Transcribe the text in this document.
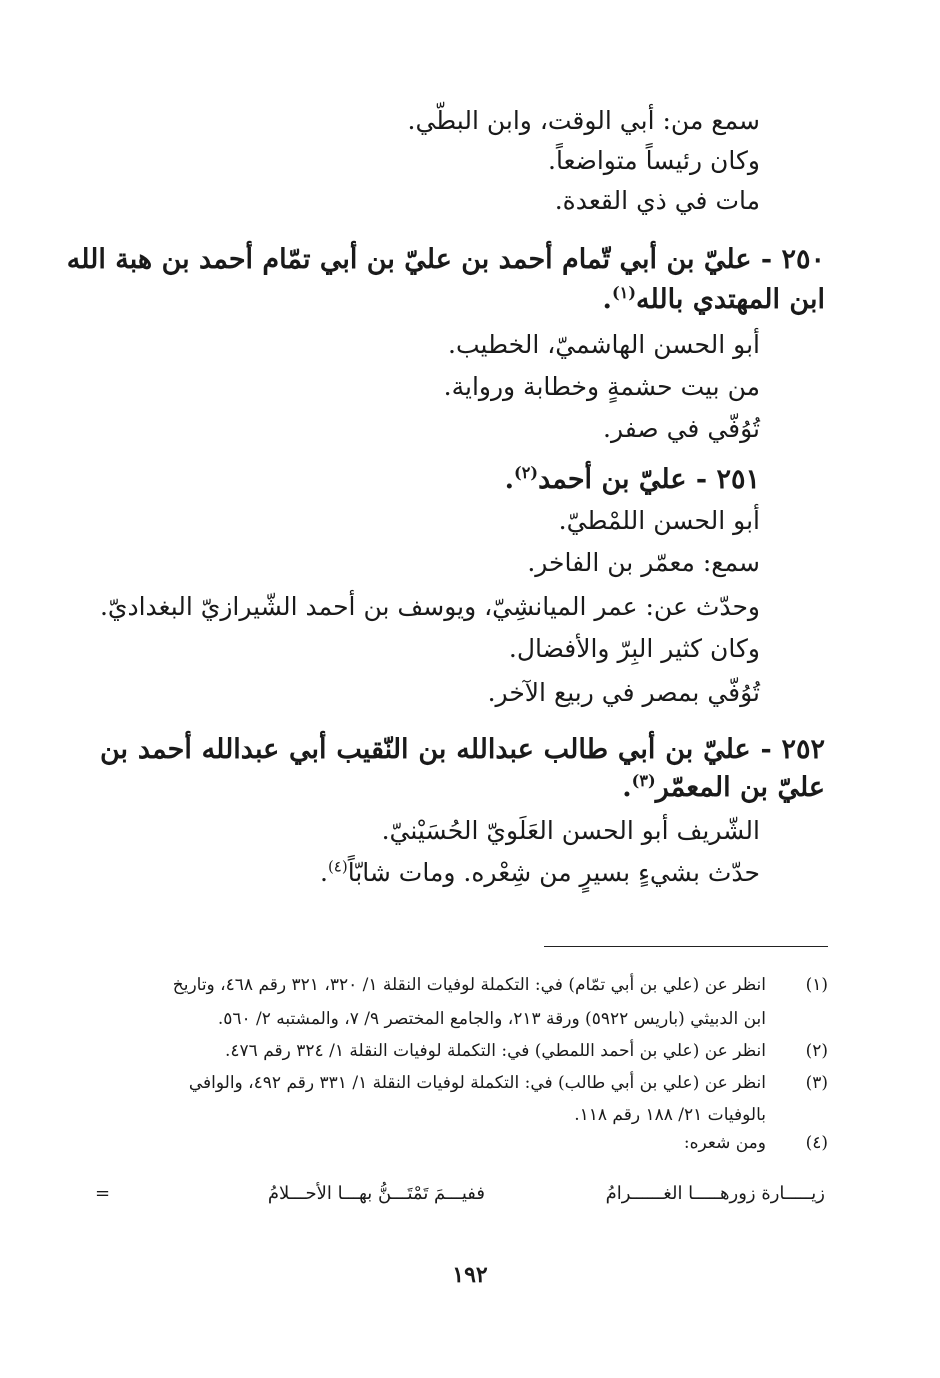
سمع من: أبي الوقت، وابن البطّي.
وكان رئيساً متواضعاً.
مات في ذي القعدة.
٢٥٠ - عليّ بن أبي تّمام أحمد بن عليّ بن أبي تمّام أحمد بن هبة الله
ابن المهتدي بالله$^{(١)}$.
أبو الحسن الهاشميّ، الخطيب.
من بيت حشمةٍ وخطابة ورواية.
تُوُفّي في صفر.
٢٥١ - عليّ بن أحمد$^{(٢)}$.
أبو الحسن اللمْطيّ.
سمع: معمّر بن الفاخر.
وحدّث عن: عمر الميانشِيّ، ويوسف بن أحمد الشّيرازيّ البغداديّ.
وكان كثير البِرّ والأفضال.
تُوُفّي بمصر في ربيع الآخر.
٢٥٢ - عليّ بن أبي طالب عبدالله بن النّقيب أبي عبدالله أحمد بن
عليّ بن المعمّر$^{(٣)}$.
الشّريف أبو الحسن العَلَويّ الحُسَيْنيّ.
حدّث بشيءٍ بسيرٍ من شِعْره. ومات شابّاً$^{(٤)}$.
(١)انظر عن (علي بن أبي تمّام) في: التكملة لوفيات النقلة ١/ ٣٢٠، ٣٢١ رقم ٤٦٨، وتاريخ
ابن الدبيثي (باريس ٥٩٢٢) ورقة ٢١٣، والجامع المختصر ٩/ ٧، والمشتبه ٢/ ٥٦٠.
(٢)انظر عن (علي بن أحمد اللمطي) في: التكملة لوفيات النقلة ١/ ٣٢٤ رقم ٤٧٦.
(٣)انظر عن (علي بن أبي طالب) في: التكملة لوفيات النقلة ١/ ٣٣١ رقم ٤٩٢، والوافي
بالوفيات ٢١/ ١٨٨ رقم ١١٨.
(٤)ومن شعره:
زيـــــارة زورهـــــا الغــــــرامُ
ففيـــمَ تَمْتَـــنُّ بهـــا الأحـــلامُ
=
١٩٢
